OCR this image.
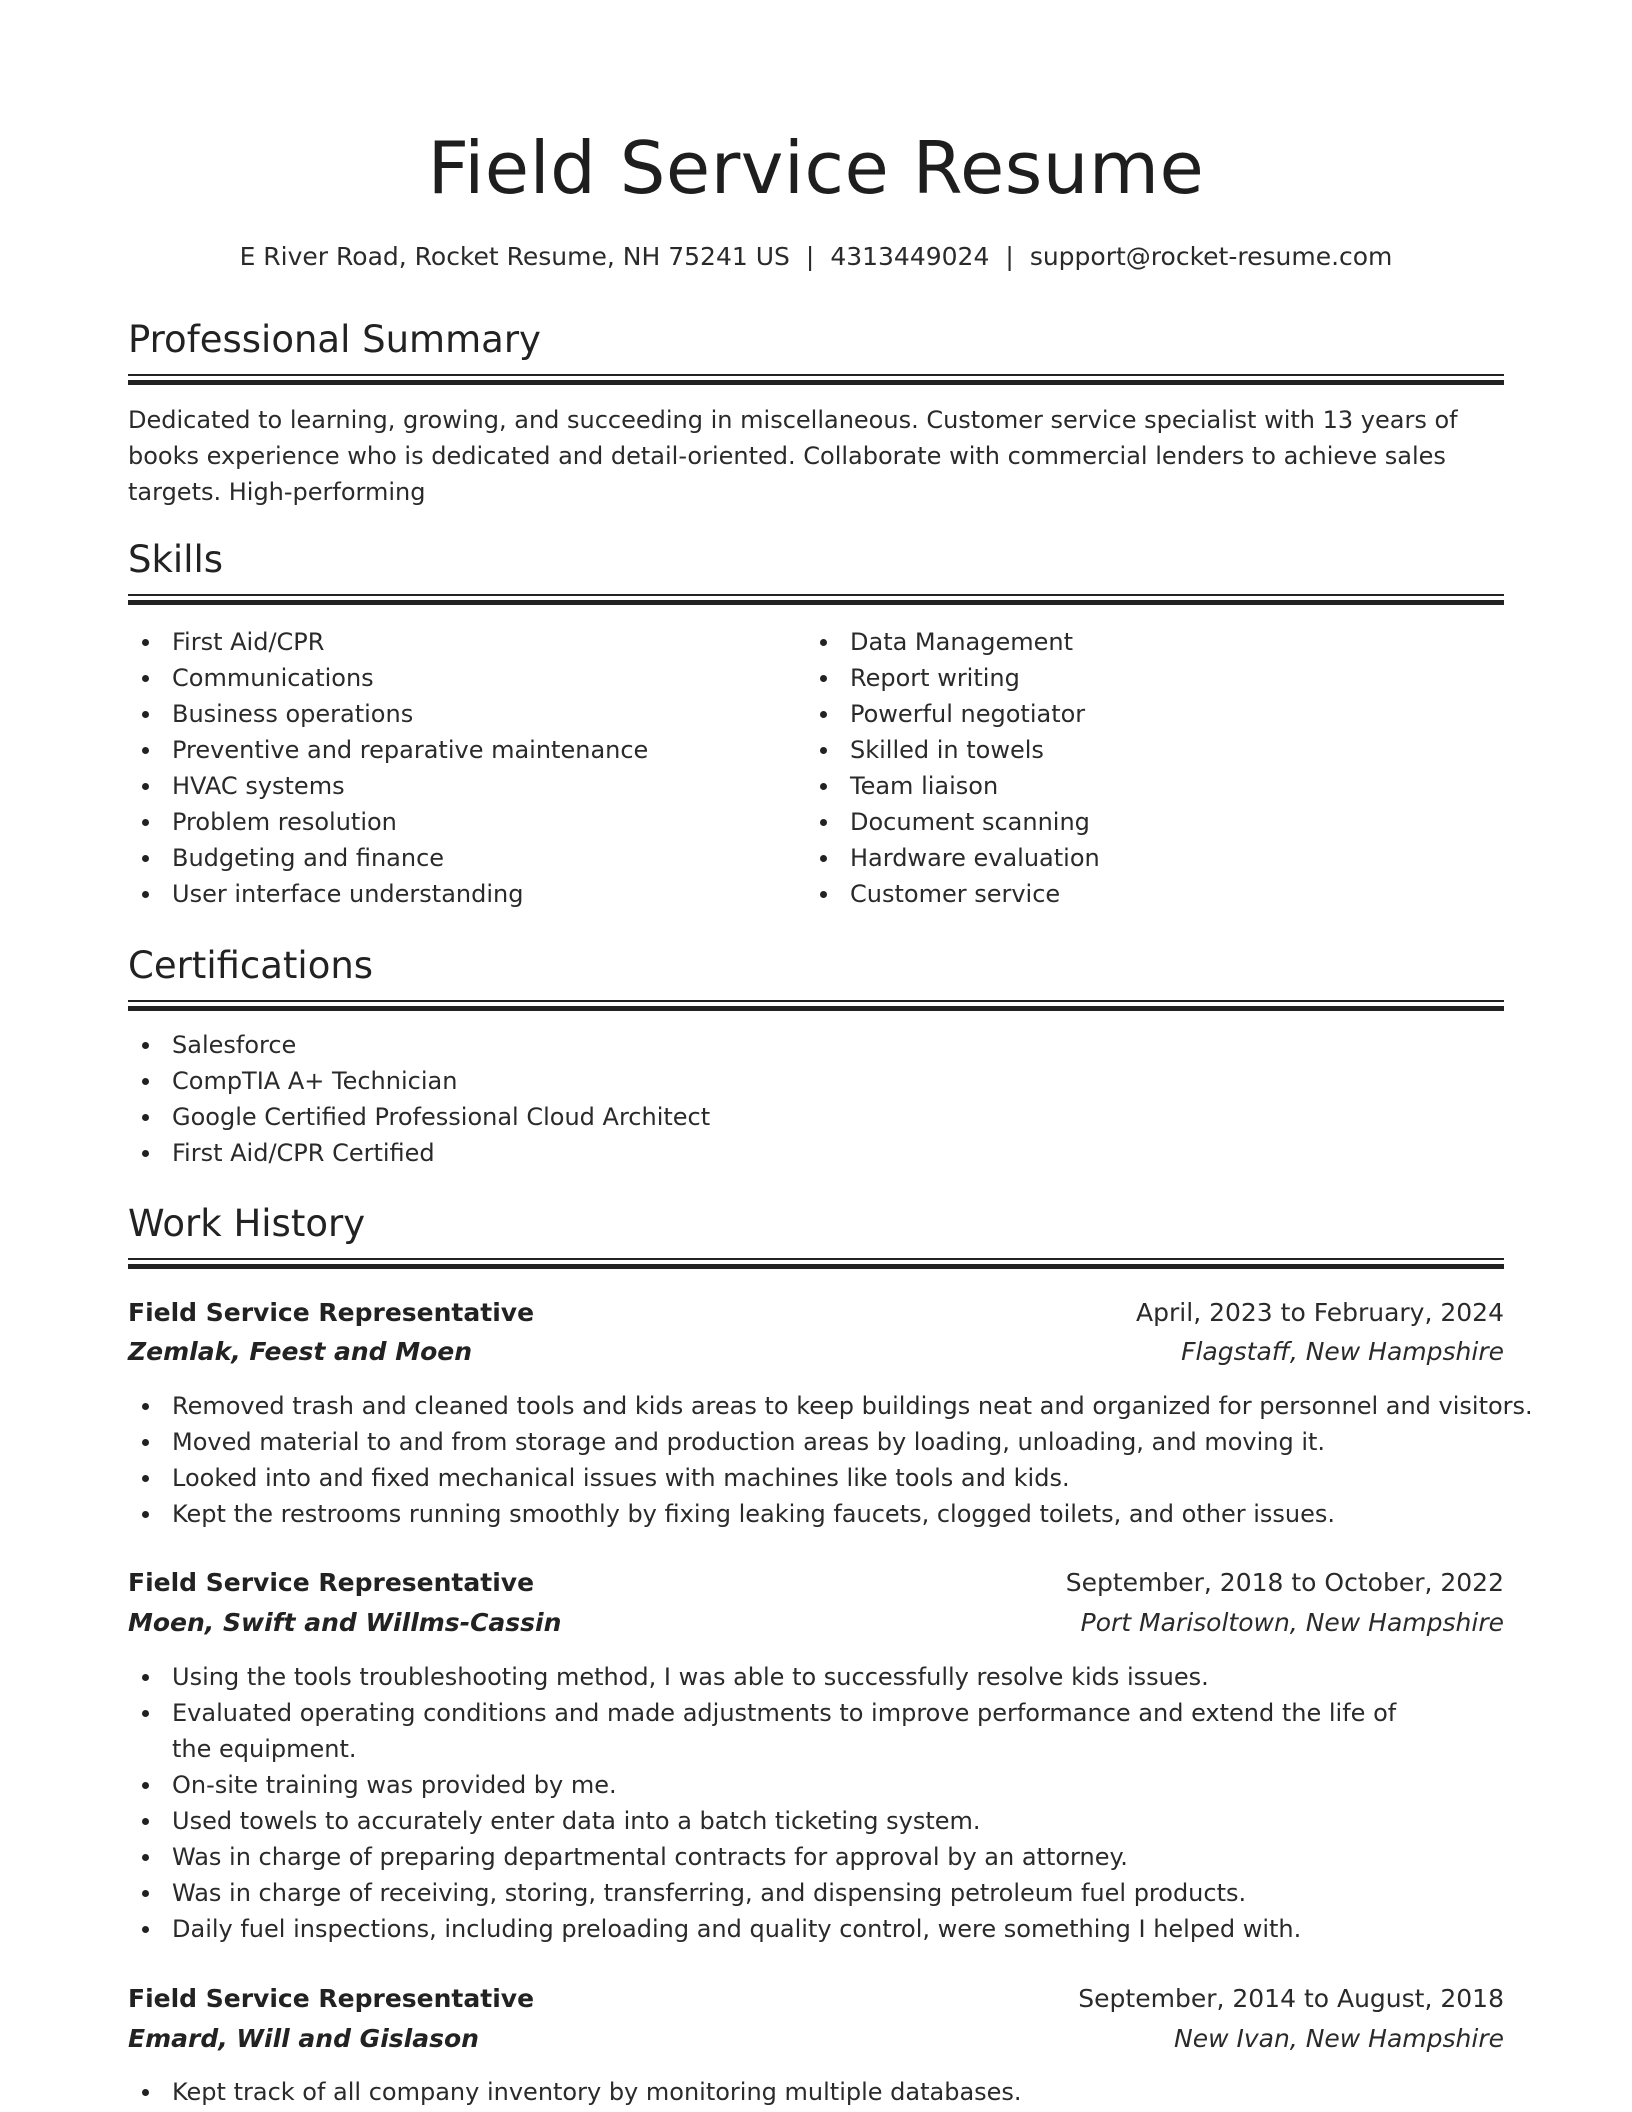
Field Service Resume
E River Road, Rocket Resume, NH 75241 US | 4313449024 | support@rocket-resume.com
Professional Summary
Dedicated to learning, growing, and succeeding in miscellaneous. Customer service specialist with 13 years of books experience who is dedicated and detail-oriented. Collaborate with commercial lenders to achieve sales targets. High-performing
Skills
First Aid/CPR
Communications
Business operations
Preventive and reparative maintenance
HVAC systems
Problem resolution
Budgeting and finance
User interface understanding
Data Management
Report writing
Powerful negotiator
Skilled in towels
Team liaison
Document scanning
Hardware evaluation
Customer service
Certifications
Salesforce
CompTIA A+ Technician
Google Certified Professional Cloud Architect
First Aid/CPR Certified
Work History
Field Service Representative	April, 2023 to February, 2024
Zemlak, Feest and Moen	Flagstaff, New Hampshire
Removed trash and cleaned tools and kids areas to keep buildings neat and organized for personnel and visitors.
Moved material to and from storage and production areas by loading, unloading, and moving it.
Looked into and fixed mechanical issues with machines like tools and kids.
Kept the restrooms running smoothly by fixing leaking faucets, clogged toilets, and other issues.
Field Service Representative	September, 2018 to October, 2022
Moen, Swift and Willms-Cassin	Port Marisoltown, New Hampshire
Using the tools troubleshooting method, I was able to successfully resolve kids issues.
Evaluated operating conditions and made adjustments to improve performance and extend the life of the equipment.
On-site training was provided by me.
Used towels to accurately enter data into a batch ticketing system.
Was in charge of preparing departmental contracts for approval by an attorney.
Was in charge of receiving, storing, transferring, and dispensing petroleum fuel products.
Daily fuel inspections, including preloading and quality control, were something I helped with.
Field Service Representative	September, 2014 to August, 2018
Emard, Will and Gislason	New Ivan, New Hampshire
Kept track of all company inventory by monitoring multiple databases.
